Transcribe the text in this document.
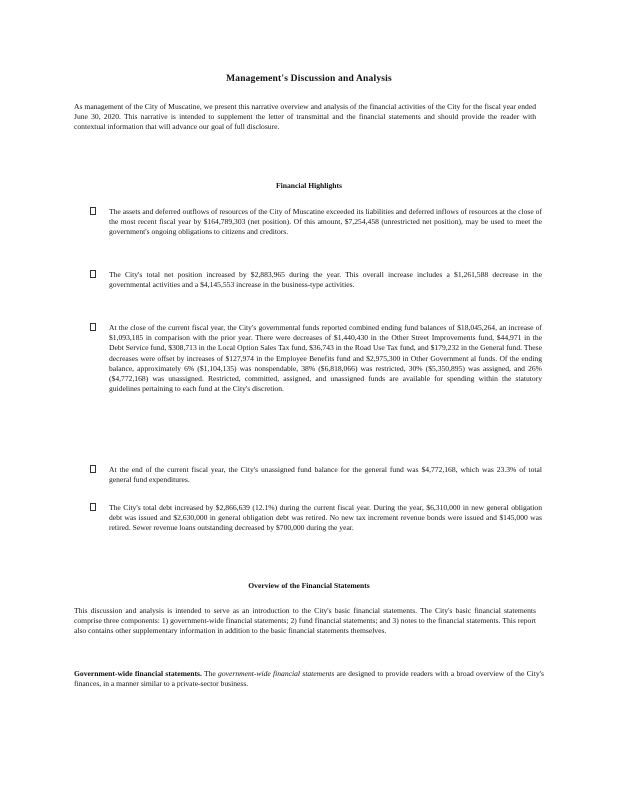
Management's Discussion and Analysis

As management of the City of Muscatine, we present this narrative overview and analysis of the financial activities of the City for the fiscal year ended June 30, 2020. This narrative is intended to supplement the letter of transmittal and the financial statements and should provide the reader with contextual information that will advance our goal of full disclosure.

Financial Highlights
The assets and deferred outflows of resources of the City of Muscatine exceeded its liabilities and deferred inflows of resources at the close of the most recent fiscal year by $164,789,303 (net position). Of this amount, $7,254,458 (unrestricted net position), may be used to meet the government's ongoing obligations to citizens and creditors.
The City's total net position increased by $2,883,965 during the year. This overall increase includes a $1,261,588 decrease in the governmental activities and a $4,145,553 increase in the business-type activities.
At the close of the current fiscal year, the City's governmental funds reported combined ending fund balances of $18,045,264, an increase of $1,093,185 in comparison with the prior year. There were decreases of $1,440,430 in the Other Street Improvements fund, $44,971 in the Debt Service fund, $308,713 in the Local Option Sales Tax fund, $36,743 in the Road Use Tax fund, and $179,232 in the General fund. These decreases were offset by increases of $127,974 in the Employee Benefits fund and $2,975,300 in Other Government al funds. Of the ending balance, approximately 6% ($1,104,135) was nonspendable, 38% ($6,818,066) was restricted, 30% ($5,350,895) was assigned, and 26% ($4,772,168) was unassigned. Restricted, committed, assigned, and unassigned funds are available for spending within the statutory guidelines pertaining to each fund at the City's discretion.
At the end of the current fiscal year, the City's unassigned fund balance for the general fund was $4,772,168, which was 23.3% of total general fund expenditures.
The City's total debt increased by $2,866,639 (12.1%) during the current fiscal year. During the year, $6,310,000 in new general obligation debt was issued and $2,630,000 in general obligation debt was retired. No new tax increment revenue bonds were issued and $145,000 was retired. Sewer revenue loans outstanding decreased by $700,000 during the year.
Overview of the Financial Statements

This discussion and analysis is intended to serve as an introduction to the City's basic financial statements. The City's basic financial statements comprise three components: 1) government-wide financial statements; 2) fund financial statements; and 3) notes to the financial statements. This report also contains other supplementary information in addition to the basic financial statements themselves.

Government-wide financial statements. The government-wide financial statements are designed to provide readers with a broad overview of the City's finances, in a manner similar to a private-sector business.
